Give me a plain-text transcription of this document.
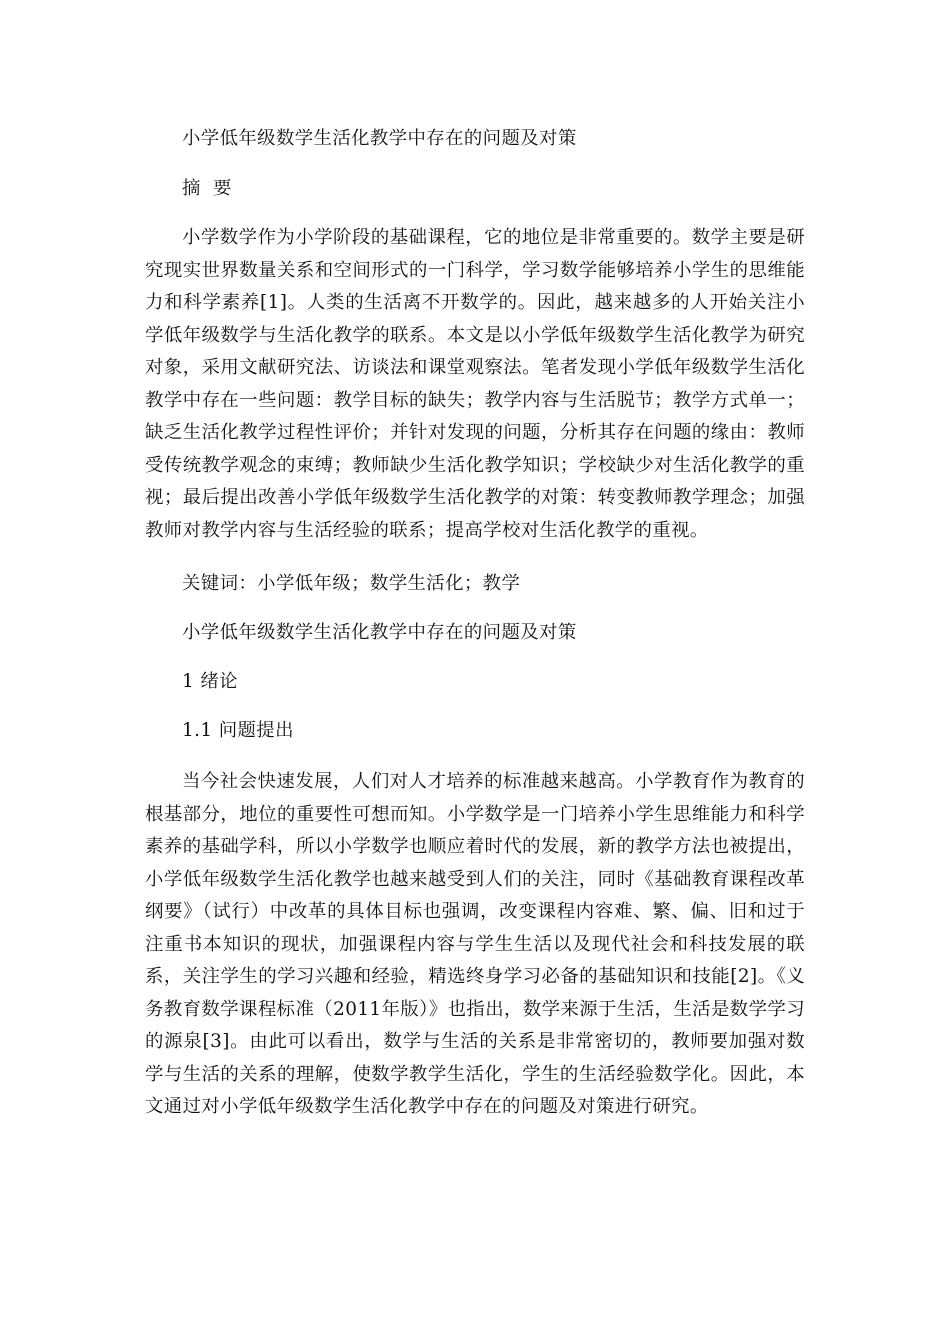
小学低年级数学生活化教学中存在的问题及对策

摘 要

小学数学作为小学阶段的基础课程，它的地位是非常重要的。数学主要是研究现实世界数量关系和空间形式的一门科学，学习数学能够培养小学生的思维能力和科学素养[1]。人类的生活离不开数学的。因此，越来越多的人开始关注小学低年级数学与生活化教学的联系。本文是以小学低年级数学生活化教学为研究对象，采用文献研究法、访谈法和课堂观察法。笔者发现小学低年级数学生活化教学中存在一些问题：教学目标的缺失；教学内容与生活脱节；教学方式单一；缺乏生活化教学过程性评价；并针对发现的问题，分析其存在问题的缘由：教师受传统教学观念的束缚；教师缺少生活化教学知识；学校缺少对生活化教学的重视；最后提出改善小学低年级数学生活化教学的对策：转变教师教学理念；加强教师对教学内容与生活经验的联系；提高学校对生活化教学的重视。

关键词：小学低年级；数学生活化；教学

小学低年级数学生活化教学中存在的问题及对策

1 绪论

1.1 问题提出

当今社会快速发展，人们对人才培养的标准越来越高。小学教育作为教育的根基部分，地位的重要性可想而知。小学数学是一门培养小学生思维能力和科学素养的基础学科，所以小学数学也顺应着时代的发展，新的教学方法也被提出，小学低年级数学生活化教学也越来越受到人们的关注，同时《基础教育课程改革纲要》（试行）中改革的具体目标也强调，改变课程内容难、繁、偏、旧和过于注重书本知识的现状，加强课程内容与学生生活以及现代社会和科技发展的联系，关注学生的学习兴趣和经验，精选终身学习必备的基础知识和技能[2]。《义务教育数学课程标准（2011年版）》也指出，数学来源于生活，生活是数学学习的源泉[3]。由此可以看出，数学与生活的关系是非常密切的，教师要加强对数学与生活的关系的理解，使数学教学生活化，学生的生活经验数学化。因此，本文通过对小学低年级数学生活化教学中存在的问题及对策进行研究。
